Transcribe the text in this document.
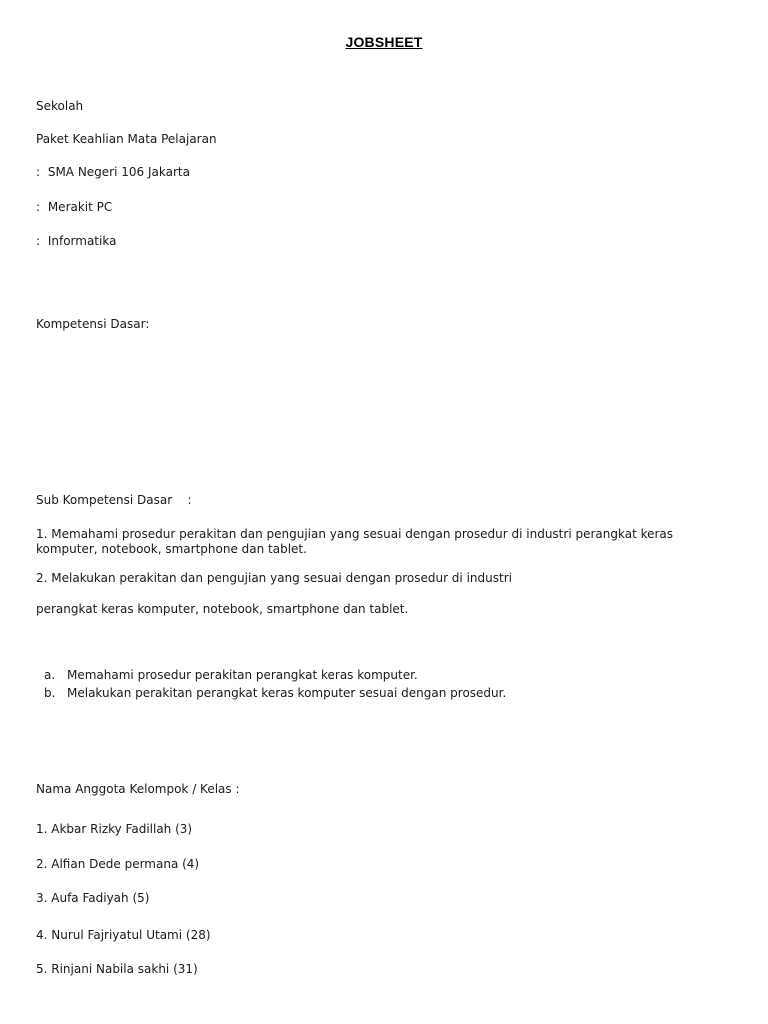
JOBSHEET
Sekolah
Paket Keahlian Mata Pelajaran
: SMA Negeri 106 Jakarta
: Merakit PC
: Informatika
Kompetensi Dasar:
Sub Kompetensi Dasar    :
1. Memahami prosedur perakitan dan pengujian yang sesuai dengan prosedur di industri perangkat keras komputer, notebook, smartphone dan tablet.
2. Melakukan perakitan dan pengujian yang sesuai dengan prosedur di industri
perangkat keras komputer, notebook, smartphone dan tablet.
a. Memahami prosedur perakitan perangkat keras komputer.
b. Melakukan perakitan perangkat keras komputer sesuai dengan prosedur.
Nama Anggota Kelompok / Kelas :
1. Akbar Rizky Fadillah (3)
2. Alfian Dede permana (4)
3. Aufa Fadiyah (5)
4. Nurul Fajriyatul Utami (28)
5. Rinjani Nabila sakhi (31)
